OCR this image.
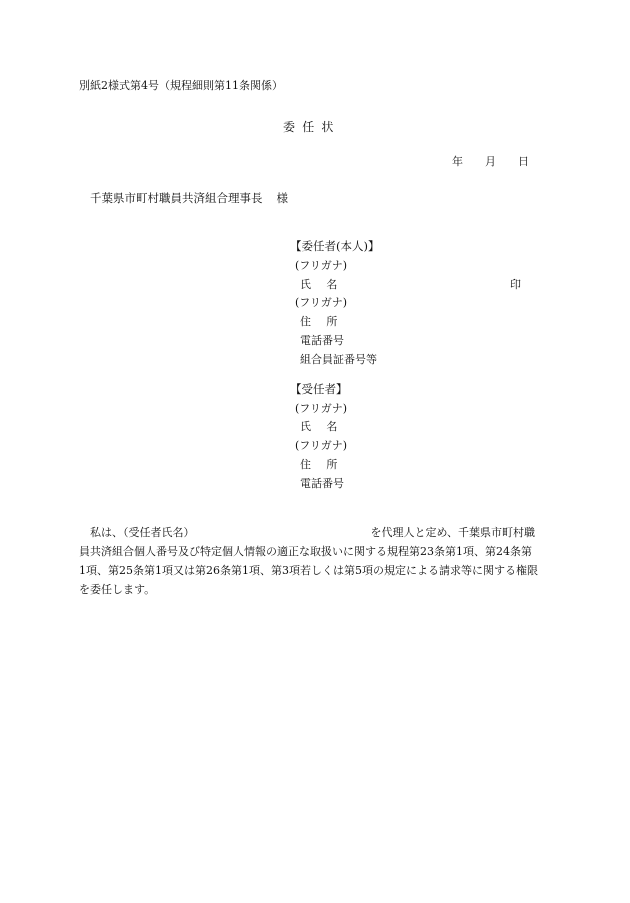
別紙2様式第4号（規程細則第11条関係）
委任状
年 月 日
千葉県市町村職員共済組合理事長 様
【委任者(本人)】
(フリガナ)
氏名	印
(フリガナ)
住所
電話番号
組合員証番号等
【受任者】
(フリガナ)
氏名
(フリガナ)
住所
電話番号
　私は、（受任者氏名）	を代理人と定め、千葉県市町村職
員共済組合個人番号及び特定個人情報の適正な取扱いに関する規程第23条第1項、第24条第
1項、第25条第1項又は第26条第1項、第3項若しくは第5項の規定による請求等に関する権限
を委任します。
